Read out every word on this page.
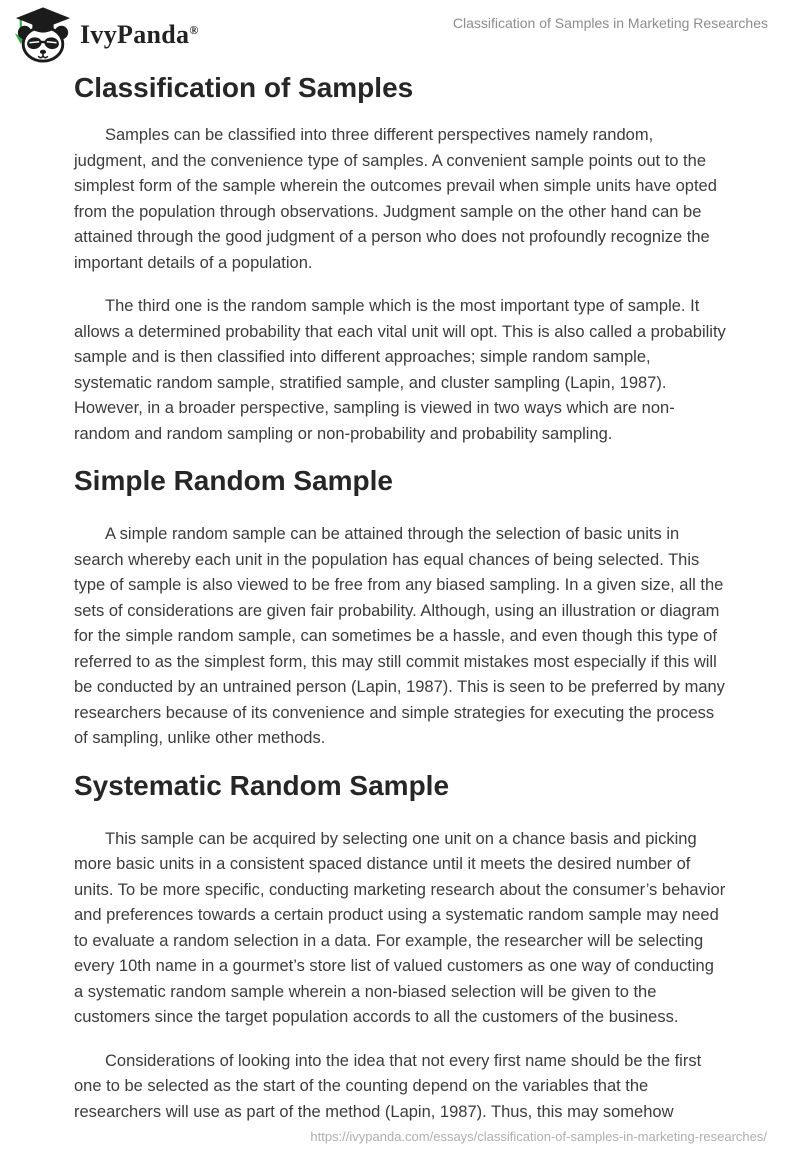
IvyPanda®	Classification of Samples in Marketing Researches
Classification of Samples

Samples can be classified into three different perspectives namely random, judgment, and the convenience type of samples. A convenient sample points out to the simplest form of the sample wherein the outcomes prevail when simple units have opted from the population through observations. Judgment sample on the other hand can be attained through the good judgment of a person who does not profoundly recognize the important details of a population.

The third one is the random sample which is the most important type of sample. It allows a determined probability that each vital unit will opt. This is also called a probability sample and is then classified into different approaches; simple random sample, systematic random sample, stratified sample, and cluster sampling (Lapin, 1987). However, in a broader perspective, sampling is viewed in two ways which are non-random and random sampling or non-probability and probability sampling.

Simple Random Sample

A simple random sample can be attained through the selection of basic units in search whereby each unit in the population has equal chances of being selected. This type of sample is also viewed to be free from any biased sampling. In a given size, all the sets of considerations are given fair probability. Although, using an illustration or diagram for the simple random sample, can sometimes be a hassle, and even though this type of referred to as the simplest form, this may still commit mistakes most especially if this will be conducted by an untrained person (Lapin, 1987). This is seen to be preferred by many researchers because of its convenience and simple strategies for executing the process of sampling, unlike other methods.

Systematic Random Sample

This sample can be acquired by selecting one unit on a chance basis and picking more basic units in a consistent spaced distance until it meets the desired number of units. To be more specific, conducting marketing research about the consumer’s behavior and preferences towards a certain product using a systematic random sample may need to evaluate a random selection in a data. For example, the researcher will be selecting every 10th name in a gourmet’s store list of valued customers as one way of conducting a systematic random sample wherein a non-biased selection will be given to the customers since the target population accords to all the customers of the business.

Considerations of looking into the idea that not every first name should be the first one to be selected as the start of the counting depend on the variables that the researchers will use as part of the method (Lapin, 1987). Thus, this may somehow

https://ivypanda.com/essays/classification-of-samples-in-marketing-researches/
